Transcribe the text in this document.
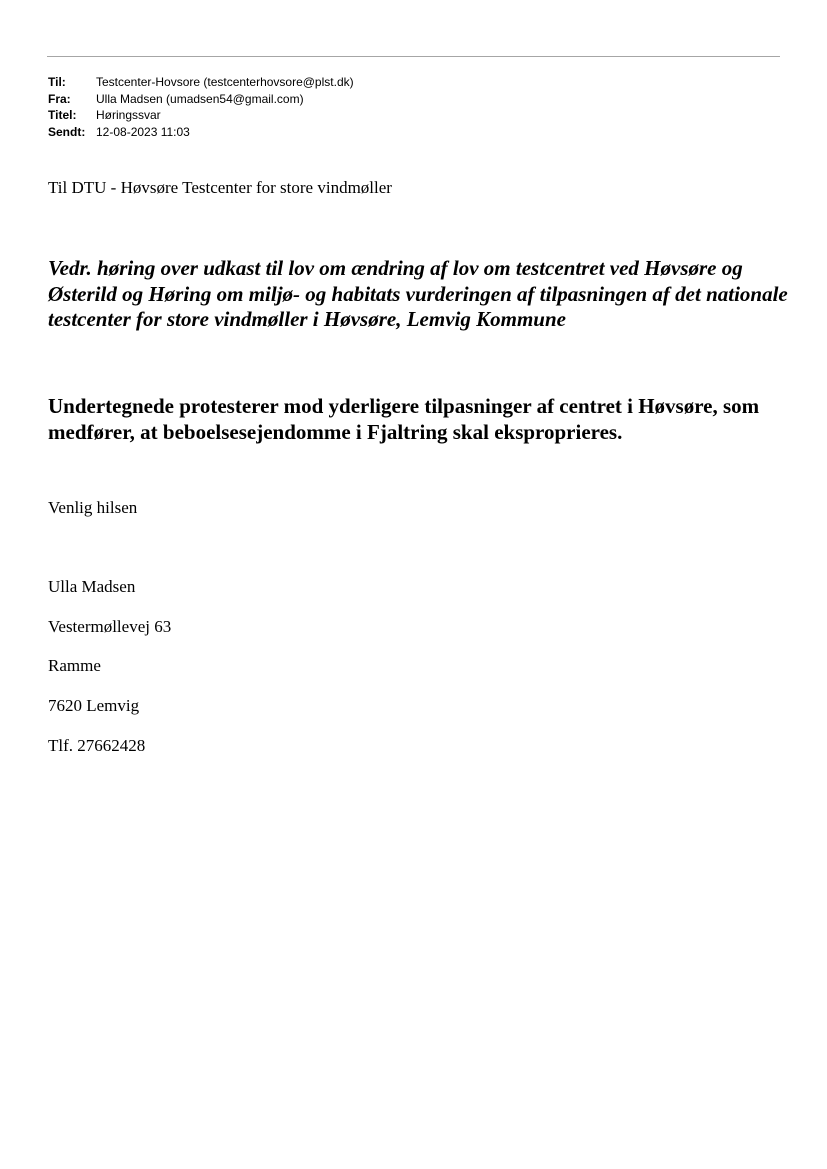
Til:	Testcenter-Hovsore (testcenterhovsore@plst.dk)
Fra:	Ulla Madsen (umadsen54@gmail.com)
Titel:	Høringssvar
Sendt: 12-08-2023 11:03

Til DTU - Høvsøre Testcenter for store vindmøller

Vedr. høring over udkast til lov om ændring af lov om testcentret ved Høvsøre og Østerild og Høring om miljø- og habitats vurderingen af tilpasningen af det nationale testcenter for store vindmøller i Høvsøre, Lemvig Kommune

Undertegnede protesterer mod yderligere tilpasninger af centret i Høvsøre, som medfører, at beboelsesejendomme i Fjaltring skal eksproprieres.

Venlig hilsen

Ulla Madsen

Vestermøllevej 63

Ramme

7620 Lemvig

Tlf. 27662428
